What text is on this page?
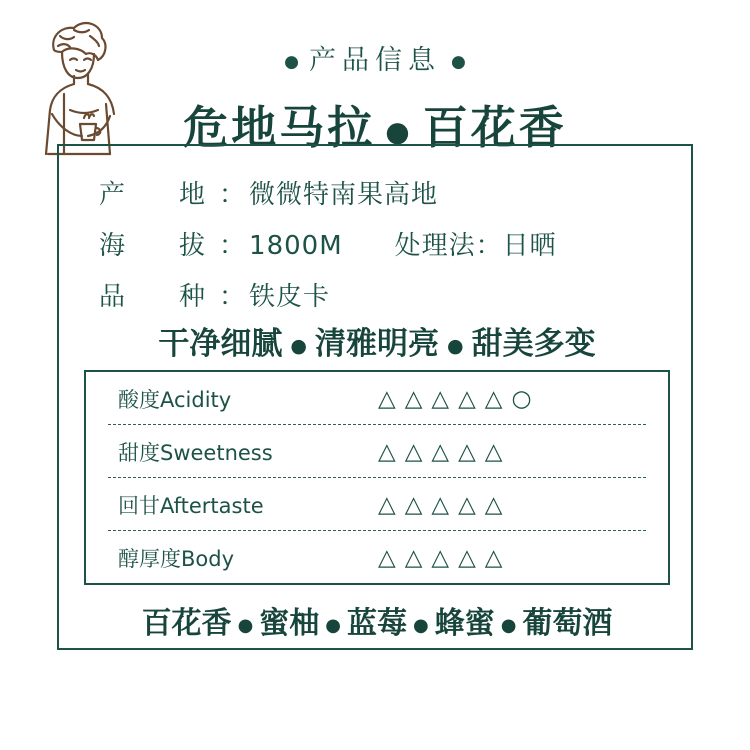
● 产品信息 ●
危地马拉 ● 百花香
产　地 ： 微微特南果高地
海　拔 ： 1800M 处理法： 日晒
品　种 ： 铁皮卡
干净细腻 ● 清雅明亮 ● 甜美多变
酸度Acidity	△△△△△○
甜度Sweetness	△△△△△
回甘Aftertaste	△△△△△
醇厚度Body	△△△△△
百花香 ● 蜜柚 ● 蓝莓 ● 蜂蜜 ● 葡萄酒
